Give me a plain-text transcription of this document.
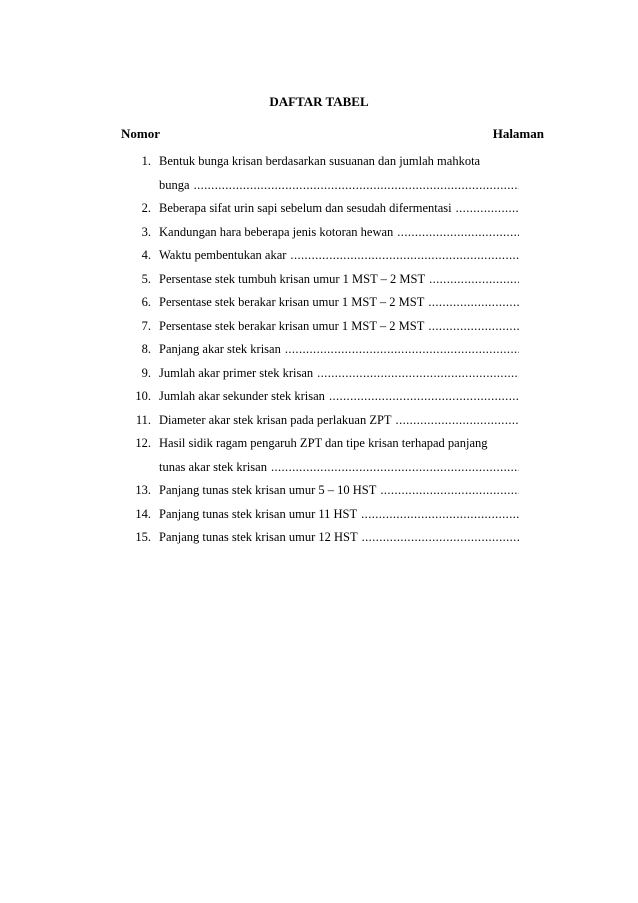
DAFTAR TABEL
Nomor	Halaman
1. Bentuk bunga krisan berdasarkan susuanan dan jumlah mahkota
bunga
.....
2. Beberapa sifat urin sapi sebelum dan sesudah difermentasi
.....
3. Kandungan hara beberapa jenis kotoran hewan
.....
4. Waktu pembentukan akar
.....
5. Persentase stek tumbuh krisan umur 1 MST – 2 MST
.....
6. Persentase stek berakar krisan umur 1 MST – 2 MST
.....
7. Persentase stek berakar krisan umur 1 MST – 2 MST
.....
8. Panjang akar stek krisan
.....
9. Jumlah akar primer stek krisan
.....
10. Jumlah akar sekunder stek krisan
.....
11. Diameter akar stek krisan pada perlakuan ZPT
.....
12. Hasil sidik ragam pengaruh ZPT dan tipe krisan terhapad panjang
tunas akar stek krisan
.....
13. Panjang tunas stek krisan umur 5 – 10 HST
.....
14. Panjang tunas stek krisan umur 11 HST
.....
15. Panjang tunas stek krisan umur 12 HST
.....
